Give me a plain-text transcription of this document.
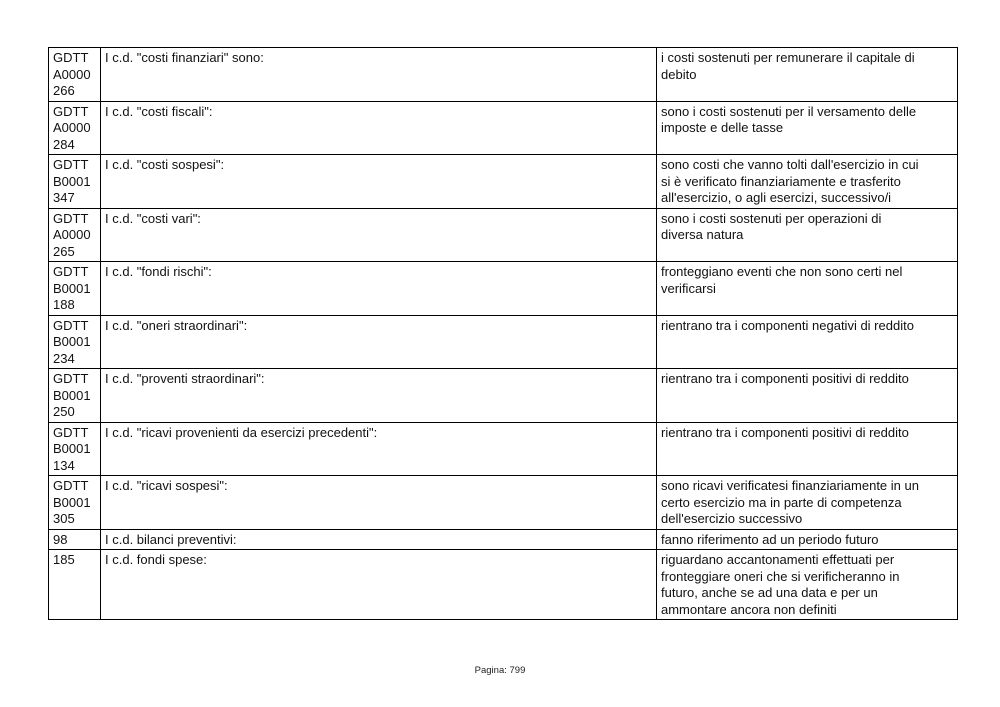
GDTT
A0000
266	I c.d. "costi finanziari" sono:	i costi sostenuti per remunerare il capitale di
debito
GDTT
A0000
284	I c.d. "costi fiscali":	sono i costi sostenuti per il versamento delle
imposte e delle tasse
GDTT
B0001
347	I c.d. "costi sospesi":	sono costi che vanno tolti dall'esercizio in cui
si è verificato finanziariamente e trasferito
all'esercizio, o agli esercizi, successivo/i
GDTT
A0000
265	I c.d. "costi vari":	sono i costi sostenuti per operazioni di
diversa natura
GDTT
B0001
188	I c.d. "fondi rischi":	fronteggiano eventi che non sono certi nel
verificarsi
GDTT
B0001
234	I c.d. "oneri straordinari":	rientrano tra i componenti negativi di reddito
GDTT
B0001
250	I c.d. "proventi straordinari":	rientrano tra i componenti positivi di reddito
GDTT
B0001
134	I c.d. "ricavi provenienti da esercizi precedenti":	rientrano tra i componenti positivi di reddito
GDTT
B0001
305	I c.d. "ricavi sospesi":	sono ricavi verificatesi finanziariamente in un
certo esercizio ma in parte di competenza
dell'esercizio successivo
98	I c.d. bilanci preventivi:	fanno riferimento ad un periodo futuro
185	I c.d. fondi spese:	riguardano accantonamenti effettuati per
fronteggiare oneri che si verificheranno in
futuro, anche se ad una data e per un
ammontare ancora non definiti
Pagina: 799
